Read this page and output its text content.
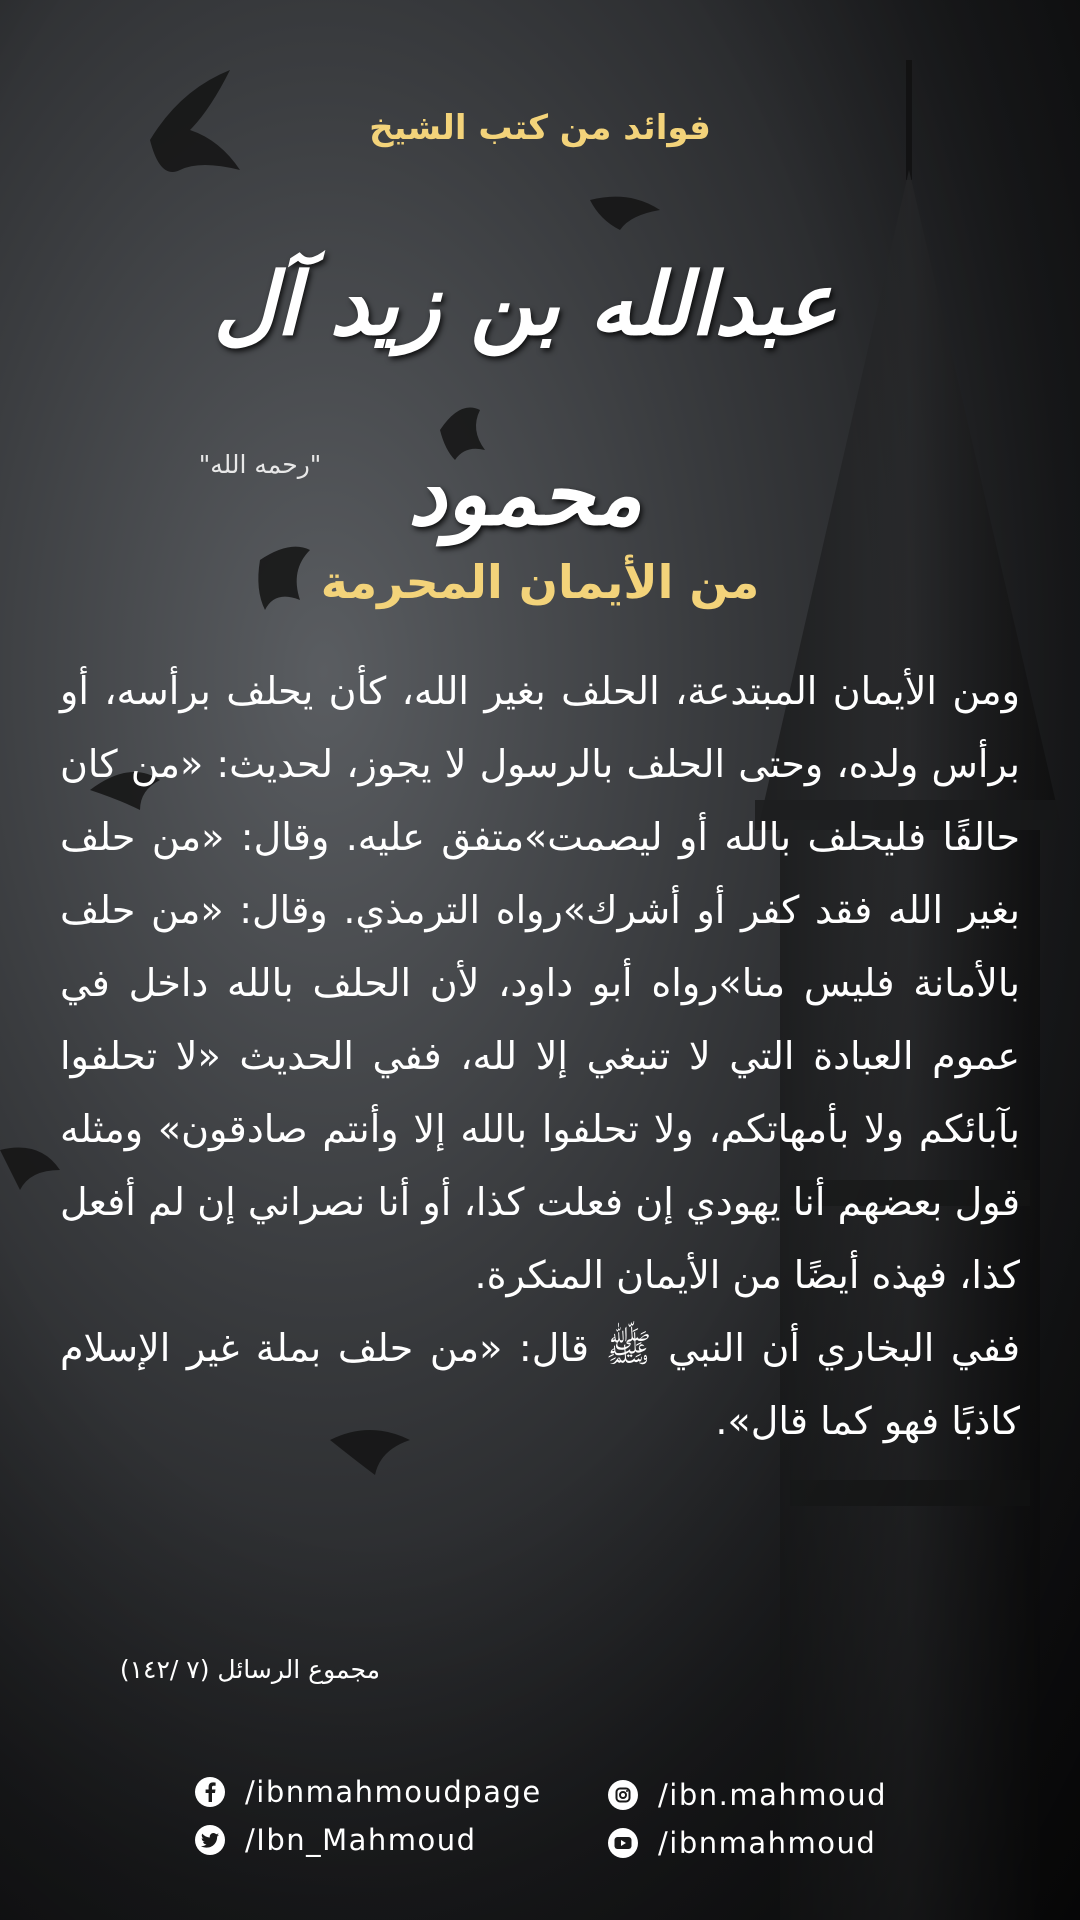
فوائد من كتب الشيخ
عبدالله بن زيد آل محمود
"رحمه الله"
من الأيمان المحرمة

ومن الأيمان المبتدعة، الحلف بغير الله، كأن يحلف برأسه، أو برأس ولده، وحتى الحلف بالرسول لا يجوز، لحديث: «من كان حالفًا فليحلف بالله أو ليصمت»متفق عليه. وقال: «من حلف بغير الله فقد كفر أو أشرك»رواه الترمذي. وقال: «من حلف بالأمانة فليس منا»رواه أبو داود، لأن الحلف بالله داخل في عموم العبادة التي لا تنبغي إلا لله، ففي الحديث «لا تحلفوا بآبائكم ولا بأمهاتكم، ولا تحلفوا بالله إلا وأنتم صادقون» ومثله قول بعضهم أنا يهودي إن فعلت كذا، أو أنا نصراني إن لم أفعل كذا، فهذه أيضًا من الأيمان المنكرة.

ففي البخاري أن النبي ﷺ قال: «من حلف بملة غير الإسلام كاذبًا فهو كما قال».

مجموع الرسائل (٧ /١٤٢)
/ibnmahmoudpage
/Ibn_Mahmoud
/ibn.mahmoud
/ibnmahmoud
